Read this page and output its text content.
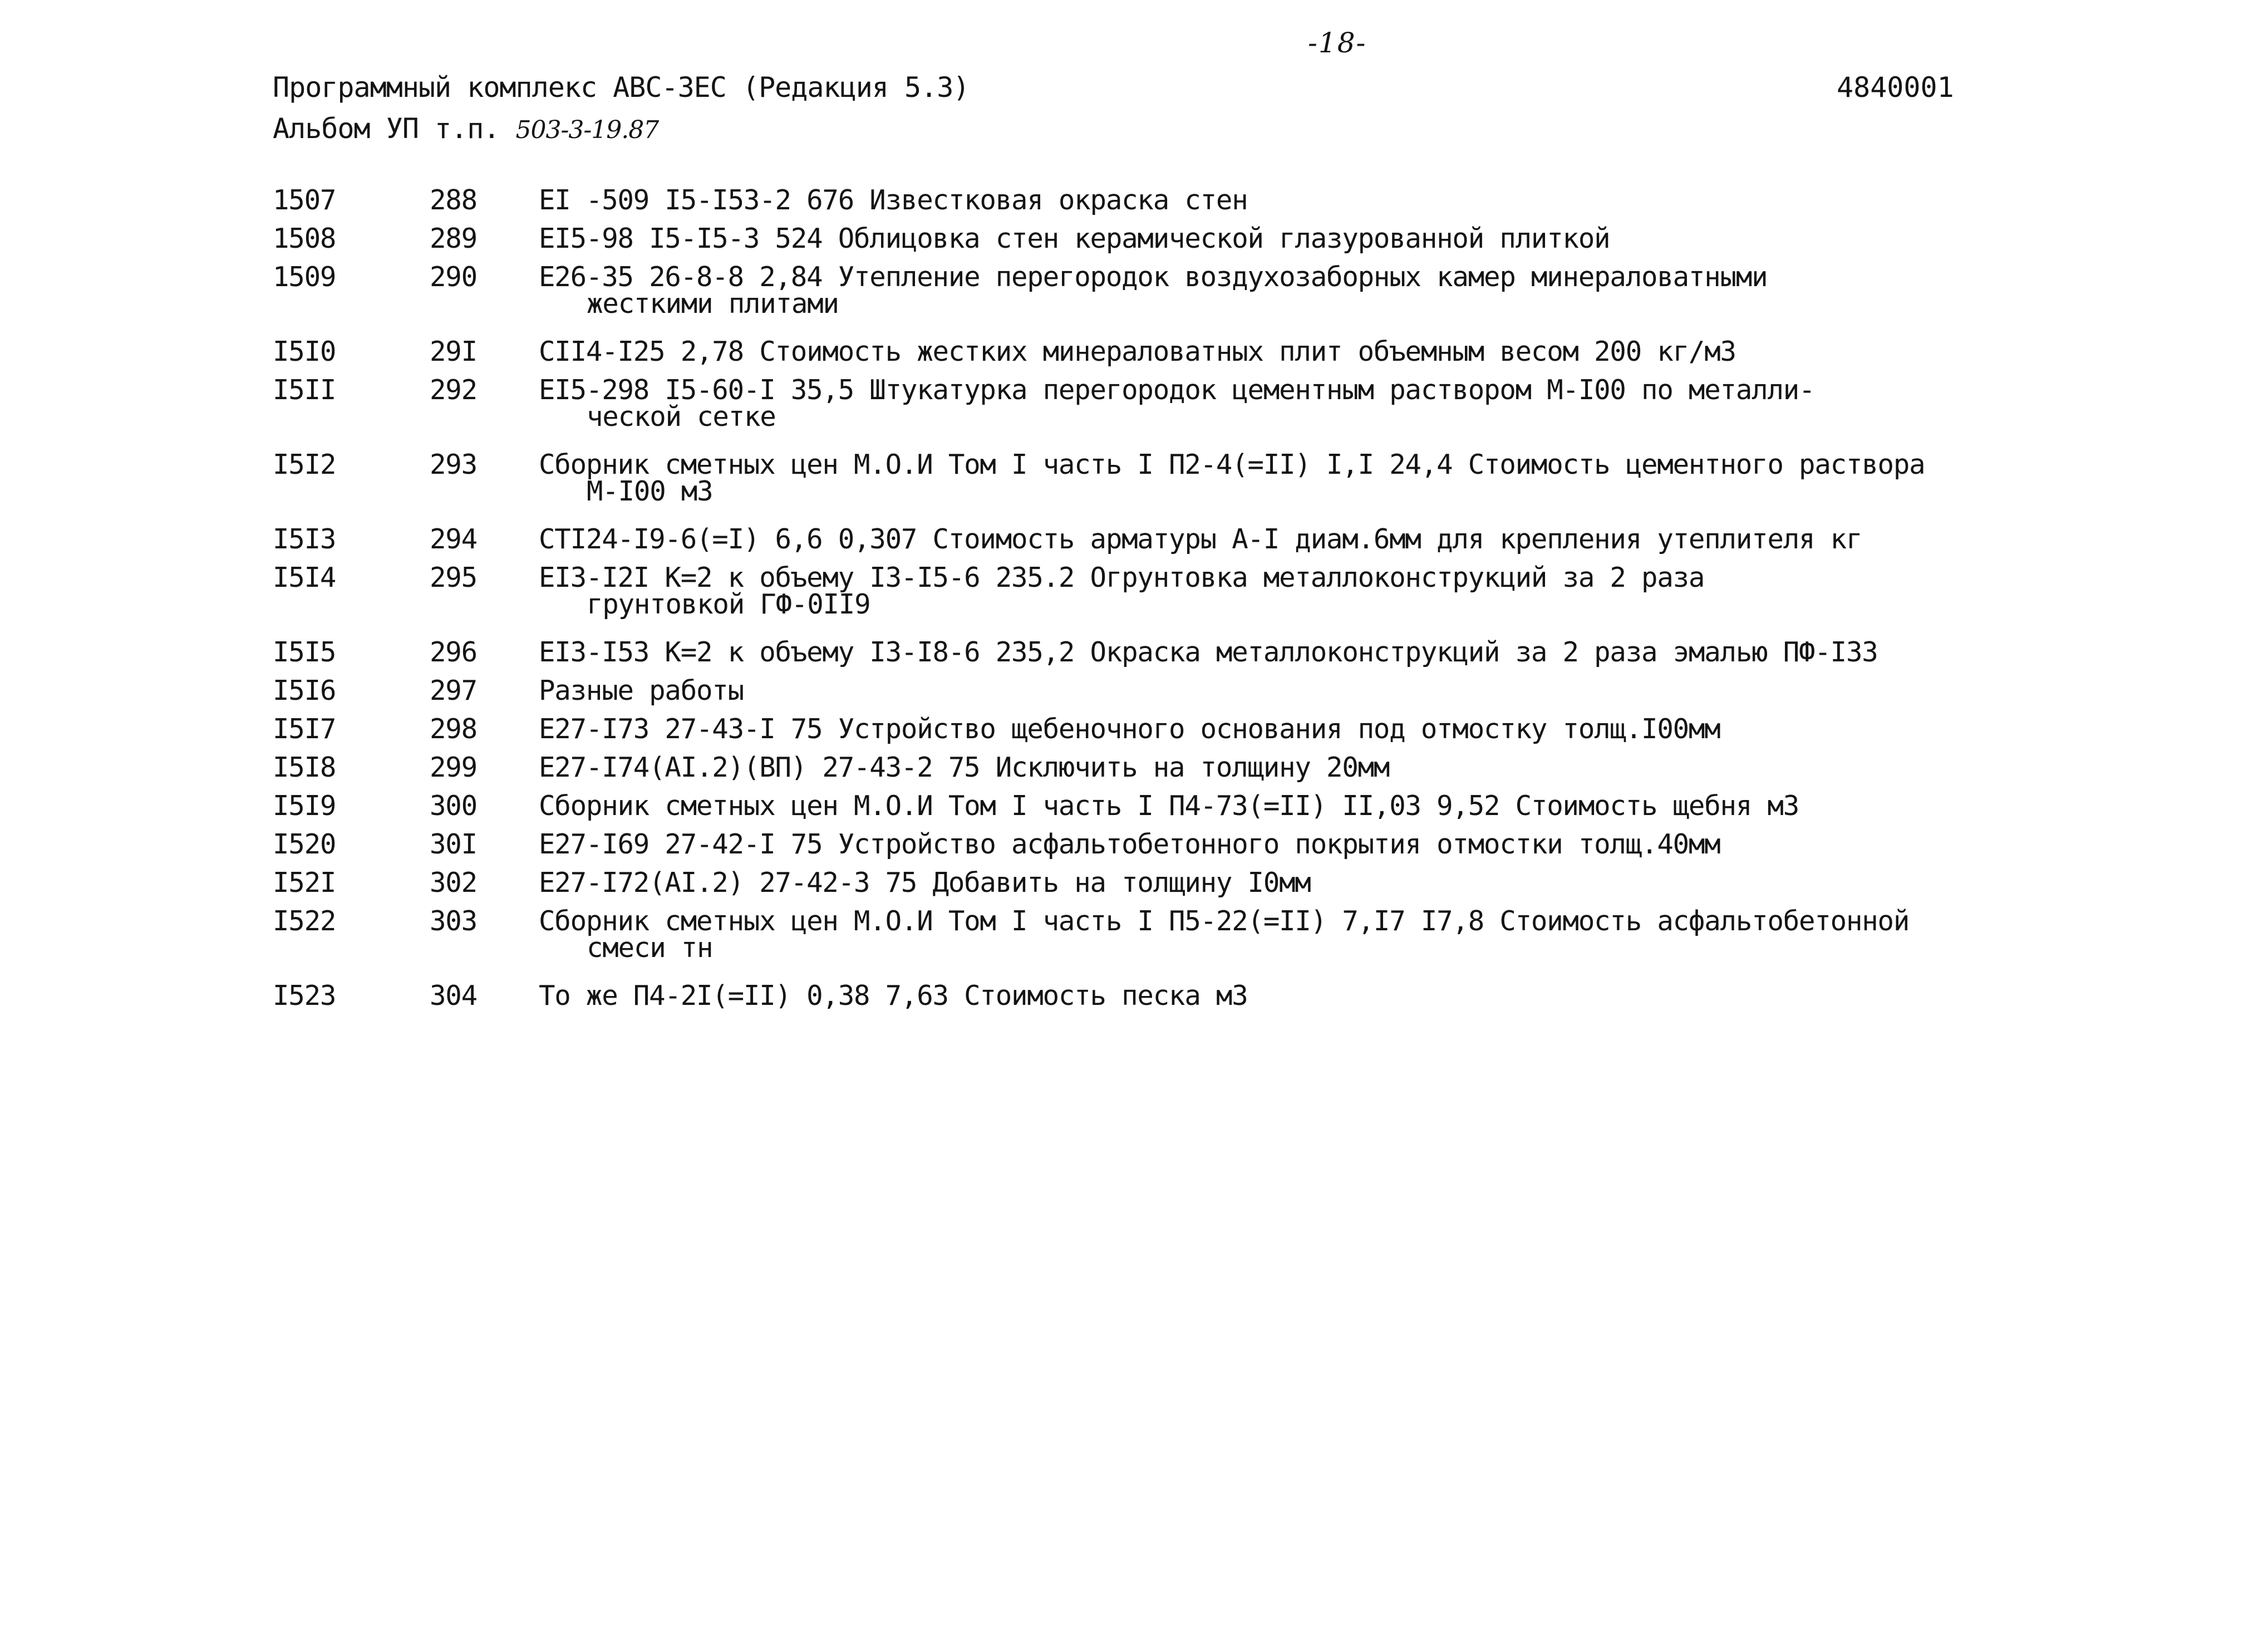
-18-
Программный комплекс АВС-3ЕС (Редакция 5.3)	4840001
Альбом УП т.п. 503-3-19.87
1507	288 ЕI -509 I5-I53-2 676 Известковая окраска стен
1508	289 ЕI5-98 I5-I5-3 524 Облицовка стен керамической глазурованной плиткой
1509	290 Е26-35 26-8-8 2,84 Утепление перегородок воздухозаборных камер минераловатными
жесткими плитами
I5I0	29I СII4-I25 2,78 Стоимость жестких минераловатных плит объемным весом 200 кг/м3
I5II	292 ЕI5-298 I5-60-I 35,5 Штукатурка перегородок цементным раствором М-I00 по металли-
ческой сетке
I5I2	293 Сборник сметных цен М.О.И Том I часть I П2-4(=II) I,I 24,4 Стоимость цементного раствора
М-I00 м3
I5I3	294 СТI24-I9-6(=I) 6,6 0,307 Стоимость арматуры А-I диам.6мм для крепления утеплителя кг
I5I4	295 ЕI3-I2I К=2 к объему I3-I5-6 235.2 Огрунтовка металлоконструкций за 2 раза
грунтовкой ГФ-0II9
I5I5	296 ЕI3-I53 К=2 к объему I3-I8-6 235,2 Окраска металлоконструкций за 2 раза эмалью ПФ-I33
I5I6	297 Разные работы
I5I7	298 Е27-I73 27-43-I 75 Устройство щебеночного основания под отмостку толщ.I00мм
I5I8	299 Е27-I74(АI.2)(ВП) 27-43-2 75 Исключить на толщину 20мм
I5I9	300 Сборник сметных цен М.О.И Том I часть I П4-73(=II) II,03 9,52 Стоимость щебня м3
I520	30I Е27-I69 27-42-I 75 Устройство асфальтобетонного покрытия отмостки толщ.40мм
I52I	302 Е27-I72(АI.2) 27-42-3 75 Добавить на толщину I0мм
I522	303 Сборник сметных цен М.О.И Том I часть I П5-22(=II) 7,I7 I7,8 Стоимость асфальтобетонной
смеси тн
I523	304 То же П4-2I(=II) 0,38 7,63 Стоимость песка м3
